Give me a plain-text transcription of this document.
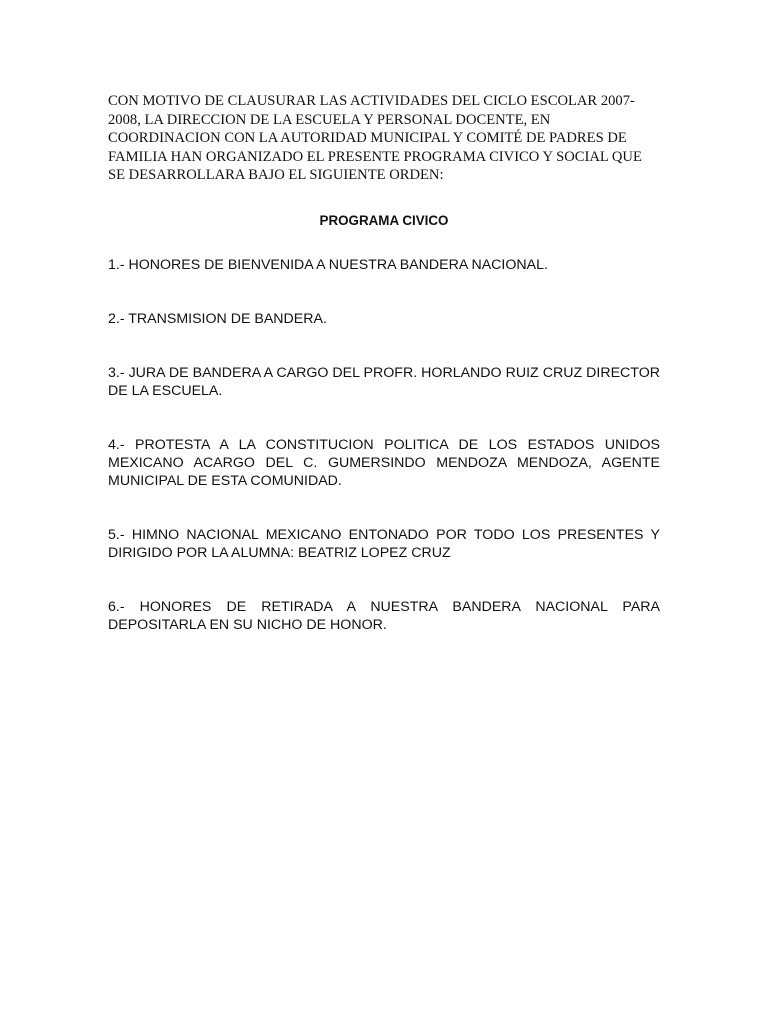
CON MOTIVO DE CLAUSURAR LAS ACTIVIDADES DEL CICLO ESCOLAR 2007-
2008, LA DIRECCION DE LA ESCUELA Y PERSONAL DOCENTE, EN
COORDINACION CON LA AUTORIDAD MUNICIPAL Y COMITÉ DE PADRES DE
FAMILIA HAN ORGANIZADO EL PRESENTE PROGRAMA CIVICO Y SOCIAL QUE
SE DESARROLLARA BAJO EL SIGUIENTE ORDEN:

PROGRAMA CIVICO
1.- HONORES DE BIENVENIDA A NUESTRA BANDERA NACIONAL.
2.- TRANSMISION DE BANDERA.
3.- JURA DE BANDERA A CARGO DEL PROFR. HORLANDO RUIZ CRUZ DIRECTOR DE LA ESCUELA.
4.- PROTESTA A LA CONSTITUCION POLITICA DE LOS ESTADOS UNIDOS MEXICANO ACARGO DEL C. GUMERSINDO MENDOZA MENDOZA, AGENTE MUNICIPAL DE ESTA COMUNIDAD.
5.- HIMNO NACIONAL MEXICANO ENTONADO POR TODO LOS PRESENTES Y DIRIGIDO POR LA ALUMNA: BEATRIZ LOPEZ CRUZ
6.- HONORES DE RETIRADA A NUESTRA BANDERA NACIONAL PARA DEPOSITARLA EN SU NICHO DE HONOR.
